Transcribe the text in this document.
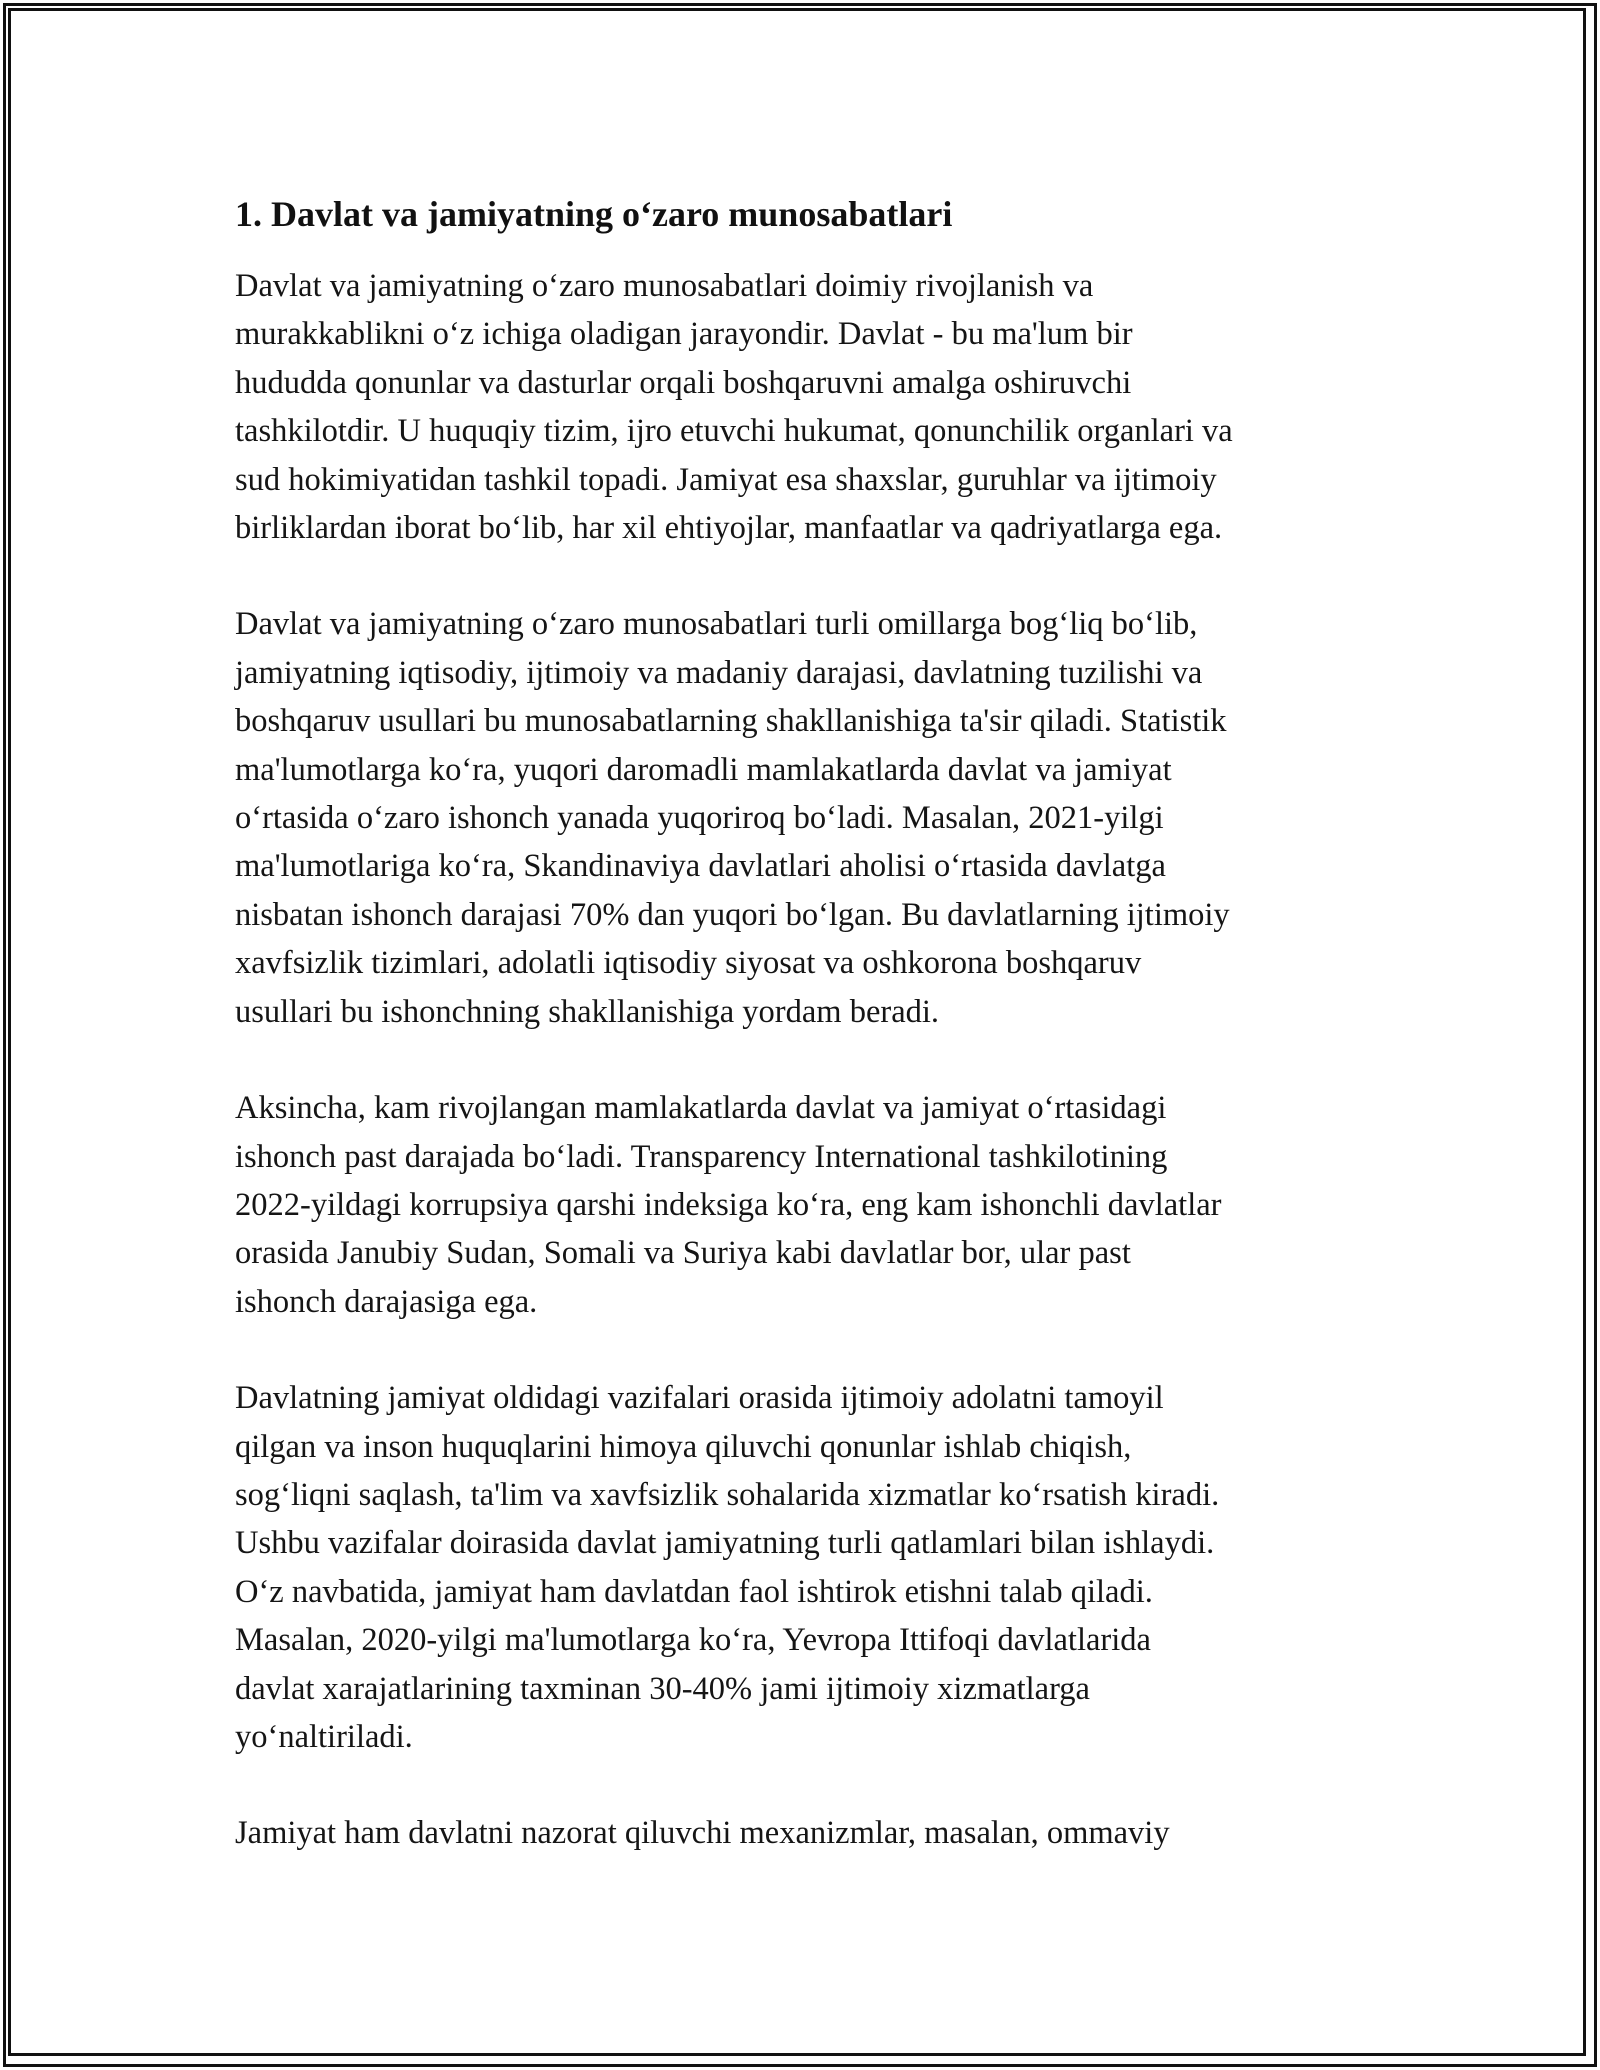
1. Davlat va jamiyatning o‘zaro munosabatlari

Davlat va jamiyatning o‘zaro munosabatlari doimiy rivojlanish va
murakkablikni o‘z ichiga oladigan jarayondir. Davlat - bu ma'lum bir
hududda qonunlar va dasturlar orqali boshqaruvni amalga oshiruvchi
tashkilotdir. U huquqiy tizim, ijro etuvchi hukumat, qonunchilik organlari va
sud hokimiyatidan tashkil topadi. Jamiyat esa shaxslar, guruhlar va ijtimoiy
birliklardan iborat bo‘lib, har xil ehtiyojlar, manfaatlar va qadriyatlarga ega.

Davlat va jamiyatning o‘zaro munosabatlari turli omillarga bog‘liq bo‘lib,
jamiyatning iqtisodiy, ijtimoiy va madaniy darajasi, davlatning tuzilishi va
boshqaruv usullari bu munosabatlarning shakllanishiga ta'sir qiladi. Statistik
ma'lumotlarga ko‘ra, yuqori daromadli mamlakatlarda davlat va jamiyat
o‘rtasida o‘zaro ishonch yanada yuqoriroq bo‘ladi. Masalan, 2021-yilgi
ma'lumotlariga ko‘ra, Skandinaviya davlatlari aholisi o‘rtasida davlatga
nisbatan ishonch darajasi 70% dan yuqori bo‘lgan. Bu davlatlarning ijtimoiy
xavfsizlik tizimlari, adolatli iqtisodiy siyosat va oshkorona boshqaruv
usullari bu ishonchning shakllanishiga yordam beradi.

Aksincha, kam rivojlangan mamlakatlarda davlat va jamiyat o‘rtasidagi
ishonch past darajada bo‘ladi. Transparency International tashkilotining
2022-yildagi korrupsiya qarshi indeksiga ko‘ra, eng kam ishonchli davlatlar
orasida Janubiy Sudan, Somali va Suriya kabi davlatlar bor, ular past
ishonch darajasiga ega.

Davlatning jamiyat oldidagi vazifalari orasida ijtimoiy adolatni tamoyil
qilgan va inson huquqlarini himoya qiluvchi qonunlar ishlab chiqish,
sog‘liqni saqlash, ta'lim va xavfsizlik sohalarida xizmatlar ko‘rsatish kiradi.
Ushbu vazifalar doirasida davlat jamiyatning turli qatlamlari bilan ishlaydi.
O‘z navbatida, jamiyat ham davlatdan faol ishtirok etishni talab qiladi.
Masalan, 2020-yilgi ma'lumotlarga ko‘ra, Yevropa Ittifoqi davlatlarida
davlat xarajatlarining taxminan 30-40% jami ijtimoiy xizmatlarga
yo‘naltiriladi.

Jamiyat ham davlatni nazorat qiluvchi mexanizmlar, masalan, ommaviy
